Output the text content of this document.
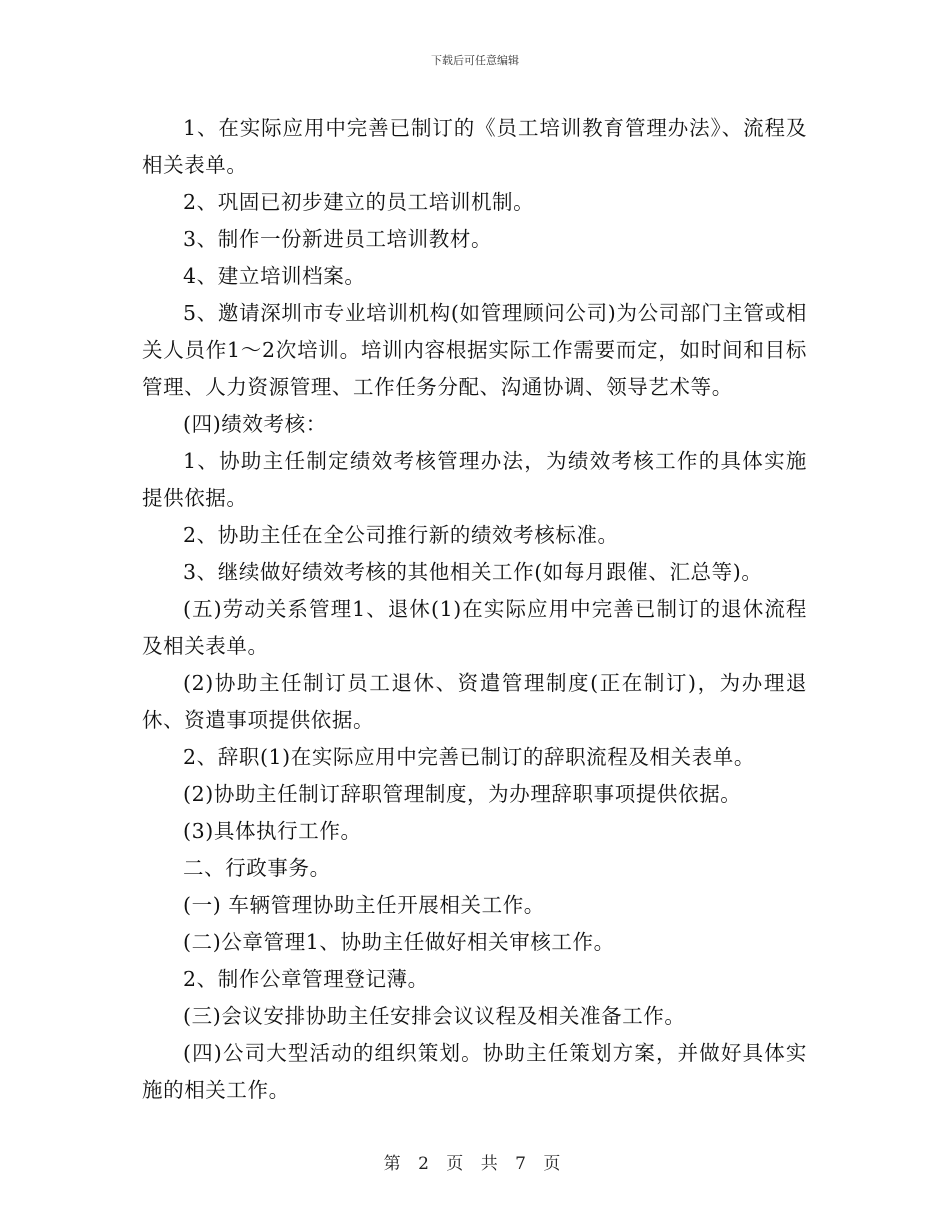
下载后可任意编辑

1、在实际应用中完善已制订的《员工培训教育管理办法》、流程及相关表单。

2、巩固已初步建立的员工培训机制。

3、制作一份新进员工培训教材。

4、建立培训档案。

5、邀请深圳市专业培训机构(如管理顾问公司)为公司部门主管或相关人员作1～2次培训。培训内容根据实际工作需要而定，如时间和目标管理、人力资源管理、工作任务分配、沟通协调、领导艺术等。

(四)绩效考核：

1、协助主任制定绩效考核管理办法，为绩效考核工作的具体实施提供依据。

2、协助主任在全公司推行新的绩效考核标准。

3、继续做好绩效考核的其他相关工作(如每月跟催、汇总等)。

(五)劳动关系管理1、退休(1)在实际应用中完善已制订的退休流程及相关表单。

(2)协助主任制订员工退休、资遣管理制度(正在制订)，为办理退休、资遣事项提供依据。

2、辞职(1)在实际应用中完善已制订的辞职流程及相关表单。

(2)协助主任制订辞职管理制度，为办理辞职事项提供依据。

(3)具体执行工作。

二、行政事务。

(一) 车辆管理协助主任开展相关工作。

(二)公章管理1、协助主任做好相关审核工作。

2、制作公章管理登记薄。

(三)会议安排协助主任安排会议议程及相关准备工作。

(四)公司大型活动的组织策划。协助主任策划方案，并做好具体实施的相关工作。

第 2 页 共 7 页
